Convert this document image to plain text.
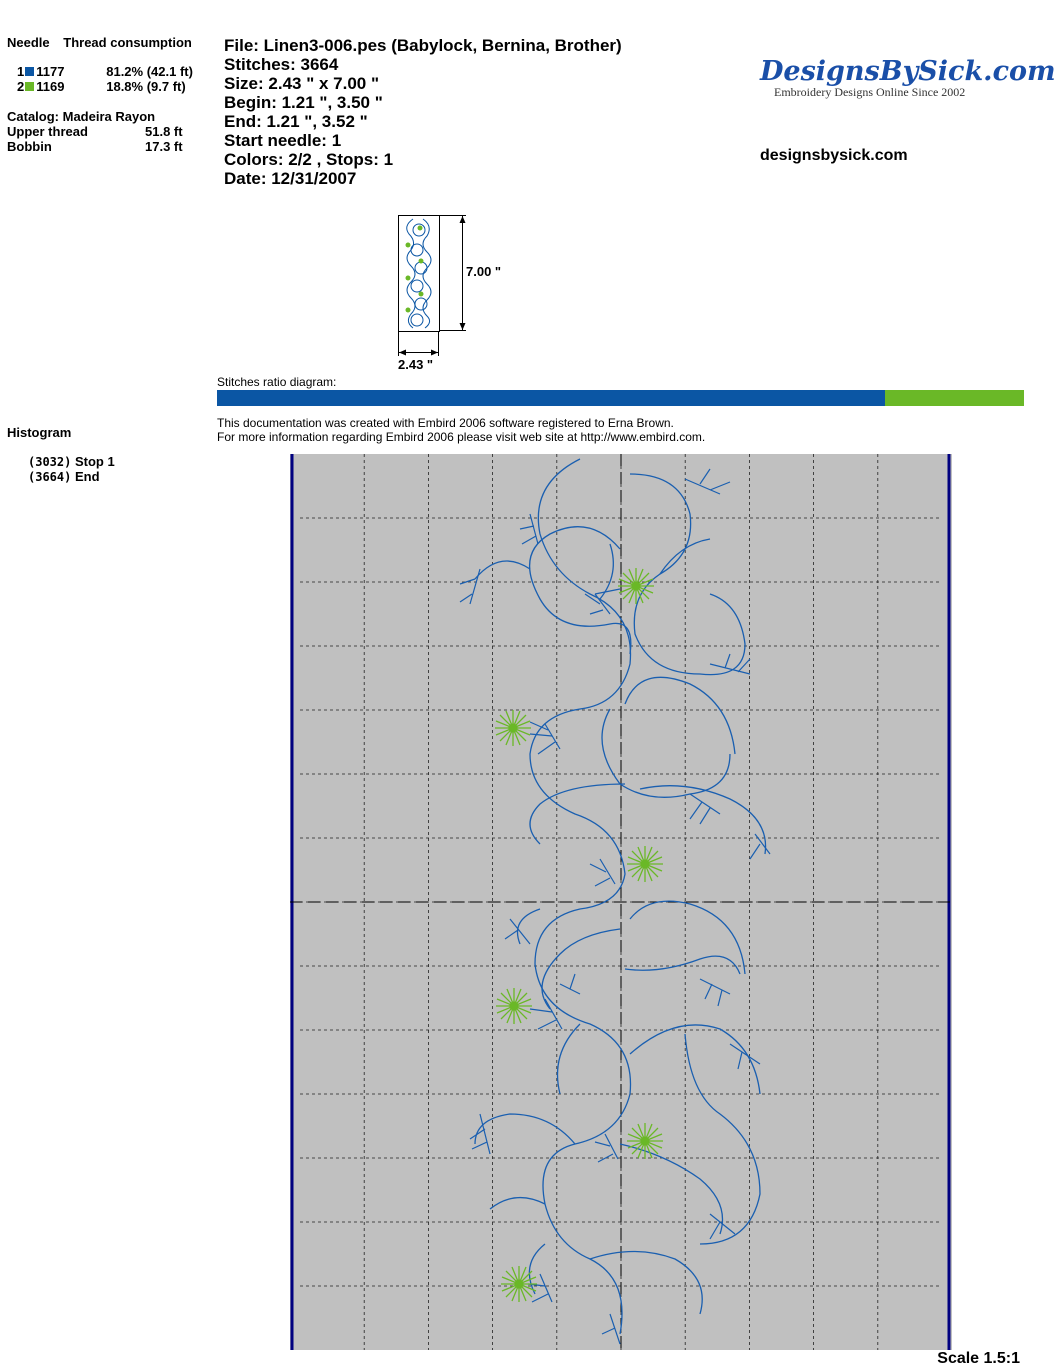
Needle Thread consumption
1 1177	81.2% (42.1 ft)
2 1169	18.8% (9.7 ft)
Catalog: Madeira Rayon
Upper thread	51.8 ft
Bobbin	17.3 ft
Histogram
(3032) Stop 1
(3664) End
File: Linen3-006.pes (Babylock, Bernina, Brother)
Stitches: 3664
Size: 2.43 " x 7.00 "
Begin: 1.21 ", 3.50 "
End: 1.21 ", 3.52 "
Start needle: 1
Colors: 2/2 , Stops: 1
Date: 12/31/2007
DesignsBySick.com
Embroidery Designs Online Since 2002
designsbysick.com
7.00 "
2.43 "
Stitches ratio diagram:
This documentation was created with Embird 2006 software registered to Erna Brown.
For more information regarding Embird 2006 please visit web site at http://www.embird.com.
Scale 1.5:1
